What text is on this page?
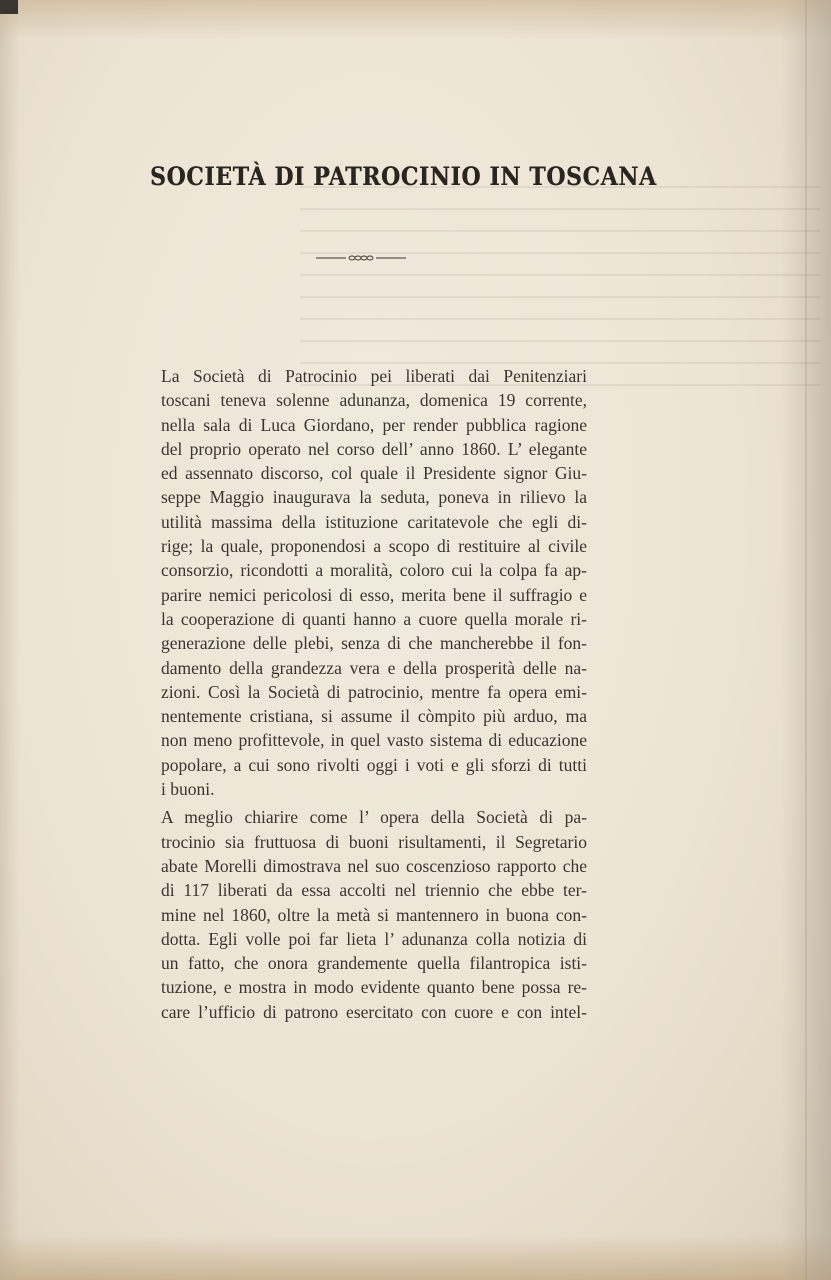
SOCIETÀ DI PATROCINIO IN TOSCANA

La Società di Patrocinio pei liberati dai Penitenziari
toscani teneva solenne adunanza, domenica 19 corrente,
nella sala di Luca Giordano, per render pubblica ragione
del proprio operato nel corso dell’ anno 1860. L’ elegante
ed assennato discorso, col quale il Presidente signor Giu-
seppe Maggio inaugurava la seduta, poneva in rilievo la
utilità massima della istituzione caritatevole che egli di-
rige; la quale, proponendosi a scopo di restituire al civile
consorzio, ricondotti a moralità, coloro cui la colpa fa ap-
parire nemici pericolosi di esso, merita bene il suffragio e
la cooperazione di quanti hanno a cuore quella morale ri-
generazione delle plebi, senza di che mancherebbe il fon-
damento della grandezza vera e della prosperità delle na-
zioni. Così la Società di patrocinio, mentre fa opera emi-
nentemente cristiana, si assume il còmpito più arduo, ma
non meno profittevole, in quel vasto sistema di educazione
popolare, a cui sono rivolti oggi i voti e gli sforzi di tutti
i buoni.

A meglio chiarire come l’ opera della Società di pa-
trocinio sia fruttuosa di buoni risultamenti, il Segretario
abate Morelli dimostrava nel suo coscenzioso rapporto che
di 117 liberati da essa accolti nel triennio che ebbe ter-
mine nel 1860, oltre la metà si mantennero in buona con-
dotta. Egli volle poi far lieta l’ adunanza colla notizia di
un fatto, che onora grandemente quella filantropica isti-
tuzione, e mostra in modo evidente quanto bene possa re-
care l’ufficio di patrono esercitato con cuore e con intel-
